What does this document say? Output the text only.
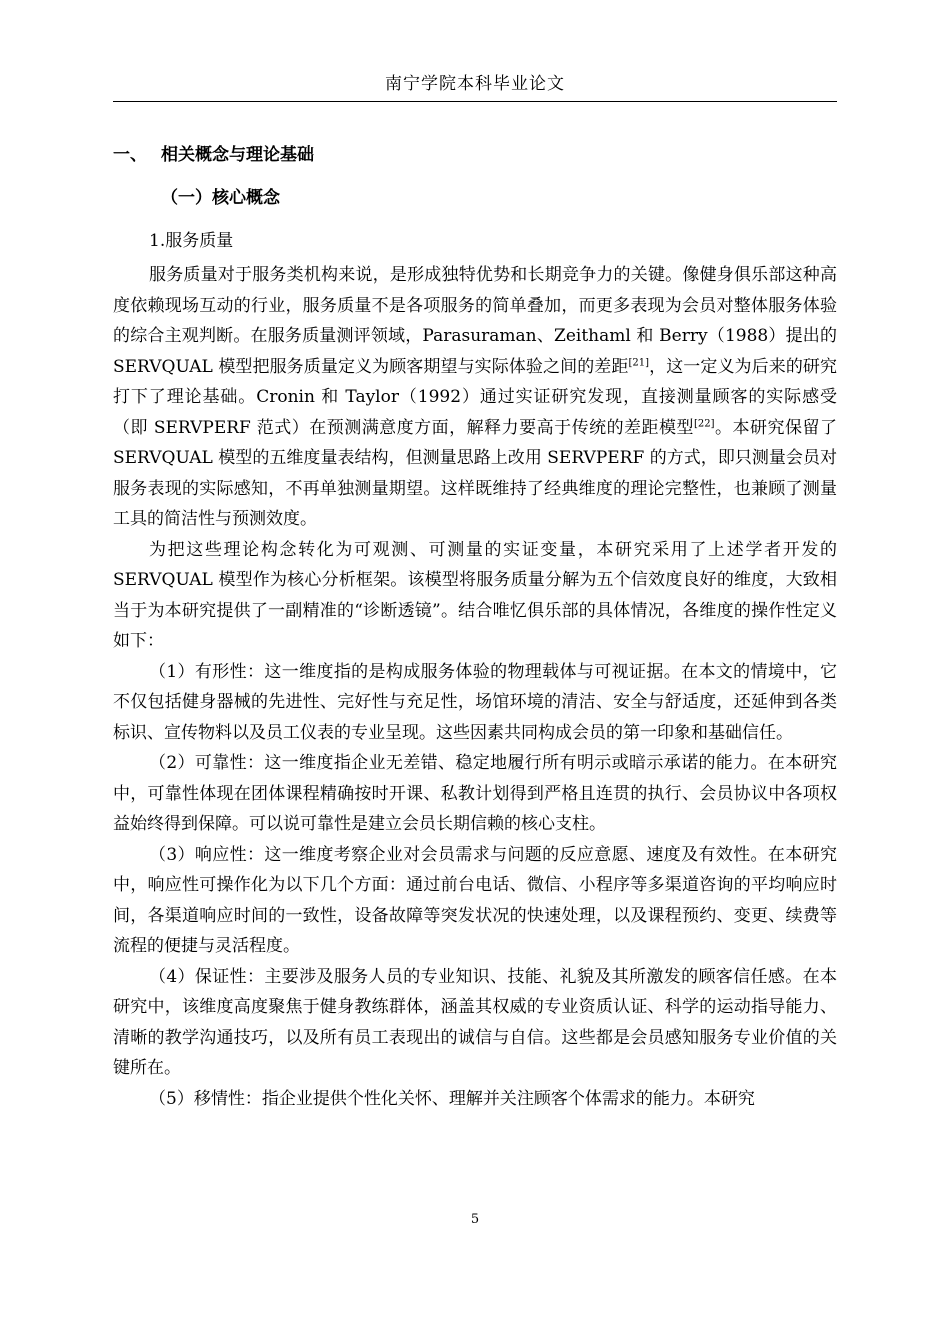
南宁学院本科毕业论文
一、 相关概念与理论基础
（一）核心概念
1.服务质量

服务质量对于服务类机构来说，是形成独特优势和长期竞争力的关键。像健身俱乐部这种高度依赖现场互动的行业，服务质量不是各项服务的简单叠加，而更多表现为会员对整体服务体验的综合主观判断。在服务质量测评领域，Parasuraman、Zeithaml 和 Berry（1988）提出的 SERVQUAL 模型把服务质量定义为顾客期望与实际体验之间的差距[21]，这一定义为后来的研究打下了理论基础。Cronin 和 Taylor（1992）通过实证研究发现，直接测量顾客的实际感受（即 SERVPERF 范式）在预测满意度方面，解释力要高于传统的差距模型[22]。本研究保留了 SERVQUAL 模型的五维度量表结构，但测量思路上改用 SERVPERF 的方式，即只测量会员对服务表现的实际感知，不再单独测量期望。这样既维持了经典维度的理论完整性，也兼顾了测量工具的简洁性与预测效度。

为把这些理论构念转化为可观测、可测量的实证变量，本研究采用了上述学者开发的 SERVQUAL 模型作为核心分析框架。该模型将服务质量分解为五个信效度良好的维度，大致相当于为本研究提供了一副精准的“诊断透镜”。结合唯忆俱乐部的具体情况，各维度的操作性定义如下：

（1）有形性：这一维度指的是构成服务体验的物理载体与可视证据。在本文的情境中，它不仅包括健身器械的先进性、完好性与充足性，场馆环境的清洁、安全与舒适度，还延伸到各类标识、宣传物料以及员工仪表的专业呈现。这些因素共同构成会员的第一印象和基础信任。

（2）可靠性：这一维度指企业无差错、稳定地履行所有明示或暗示承诺的能力。在本研究中，可靠性体现在团体课程精确按时开课、私教计划得到严格且连贯的执行、会员协议中各项权益始终得到保障。可以说可靠性是建立会员长期信赖的核心支柱。

（3）响应性：这一维度考察企业对会员需求与问题的反应意愿、速度及有效性。在本研究中，响应性可操作化为以下几个方面：通过前台电话、微信、小程序等多渠道咨询的平均响应时间，各渠道响应时间的一致性，设备故障等突发状况的快速处理，以及课程预约、变更、续费等流程的便捷与灵活程度。

（4）保证性：主要涉及服务人员的专业知识、技能、礼貌及其所激发的顾客信任感。在本研究中，该维度高度聚焦于健身教练群体，涵盖其权威的专业资质认证、科学的运动指导能力、清晰的教学沟通技巧，以及所有员工表现出的诚信与自信。这些都是会员感知服务专业价值的关键所在。

（5）移情性：指企业提供个性化关怀、理解并关注顾客个体需求的能力。本研究

5
